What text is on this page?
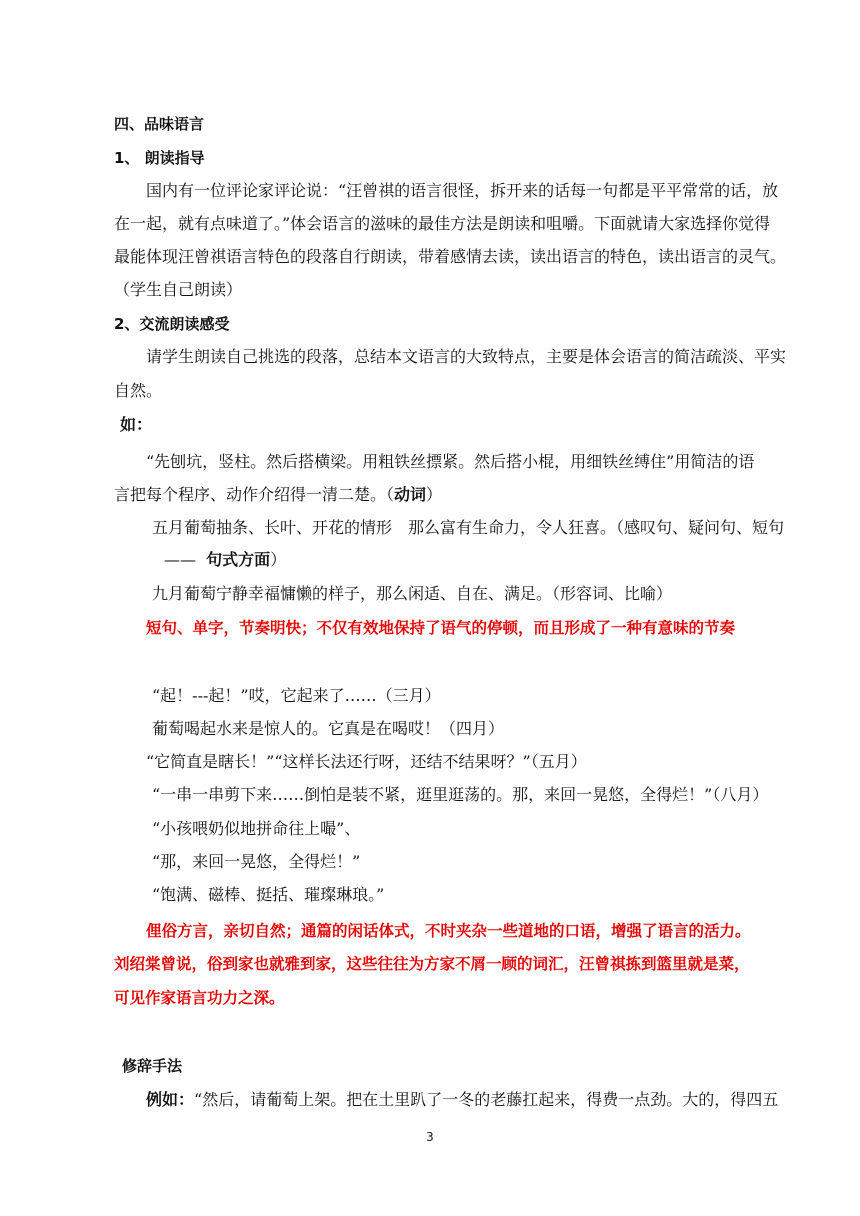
四、品味语言
1、 朗读指导
国内有一位评论家评论说：“汪曾祺的语言很怪，拆开来的话每一句都是平平常常的话，放
在一起，就有点味道了。”体会语言的滋味的最佳方法是朗读和咀嚼。下面就请大家选择你觉得
最能体现汪曾祺语言特色的段落自行朗读，带着感情去读，读出语言的特色，读出语言的灵气。
（学生自己朗读）
2、交流朗读感受
请学生朗读自己挑选的段落，总结本文语言的大致特点，主要是体会语言的简洁疏淡、平实
自然。
如：
“先刨坑，竖柱。然后搭横梁。用粗铁丝摽紧。然后搭小棍，用细铁丝缚住”用简洁的语
言把每个程序、动作介绍得一清二楚。（动词）
五月葡萄抽条、长叶、开花的情形　那么富有生命力，令人狂喜。（感叹句、疑问句、短句
—— 句式方面）
九月葡萄宁静幸福慵懒的样子，那么闲适、自在、满足。（形容词、比喻）
短句、单字，节奏明快；不仅有效地保持了语气的停顿，而且形成了一种有意味的节奏
“起！---起！”哎，它起来了……（三月）
葡萄喝起水来是惊人的。它真是在喝哎！（四月）
“它简直是瞎长！”“这样长法还行呀，还结不结果呀？”（五月）
“一串一串剪下来……倒怕是装不紧，逛里逛荡的。那，来回一晃悠，全得烂！”（八月）
“小孩喂奶似地拼命往上嘬”、
“那，来回一晃悠，全得烂！”
“饱满、磁棒、挺括、璀璨琳琅。”
俚俗方言，亲切自然；通篇的闲话体式，不时夹杂一些道地的口语，增强了语言的活力。
刘绍棠曾说，俗到家也就雅到家，这些往往为方家不屑一顾的词汇，汪曾祺拣到篮里就是菜，
可见作家语言功力之深。
修辞手法
例如：“然后，请葡萄上架。把在土里趴了一冬的老藤扛起来，得费一点劲。大的，得四五
3
